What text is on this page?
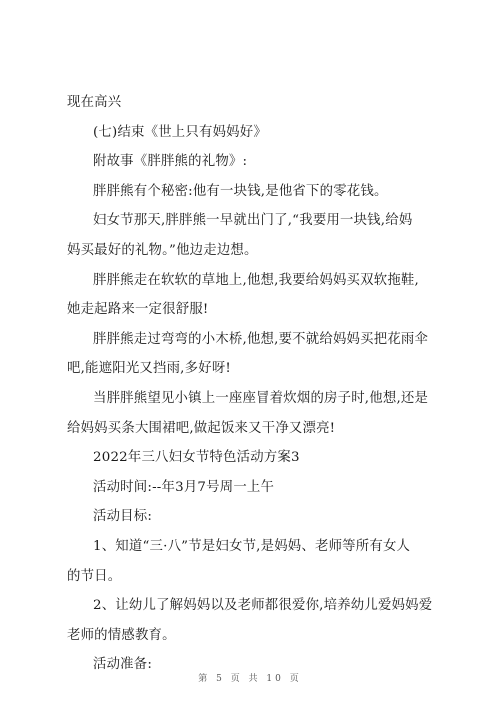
现在高兴

(七)结束《世上只有妈妈好》

附故事《胖胖熊的礼物》:

胖胖熊有个秘密:他有一块钱,是他省下的零花钱。

妇女节那天,胖胖熊一早就出门了,“我要用一块钱,给妈

妈买最好的礼物。”他边走边想。

胖胖熊走在软软的草地上,他想,我要给妈妈买双软拖鞋,

她走起路来一定很舒服!

胖胖熊走过弯弯的小木桥,他想,要不就给妈妈买把花雨伞

吧,能遮阳光又挡雨,多好呀!

当胖胖熊望见小镇上一座座冒着炊烟的房子时,他想,还是

给妈妈买条大围裙吧,做起饭来又干净又漂亮!

2022年三八妇女节特色活动方案3

活动时间:--年3月7号周一上午

活动目标:

1、知道“三·八”节是妇女节,是妈妈、老师等所有女人

的节日。

2、让幼儿了解妈妈以及老师都很爱你,培养幼儿爱妈妈爱

老师的情感教育。

活动准备:

第 5 页 共 10 页
